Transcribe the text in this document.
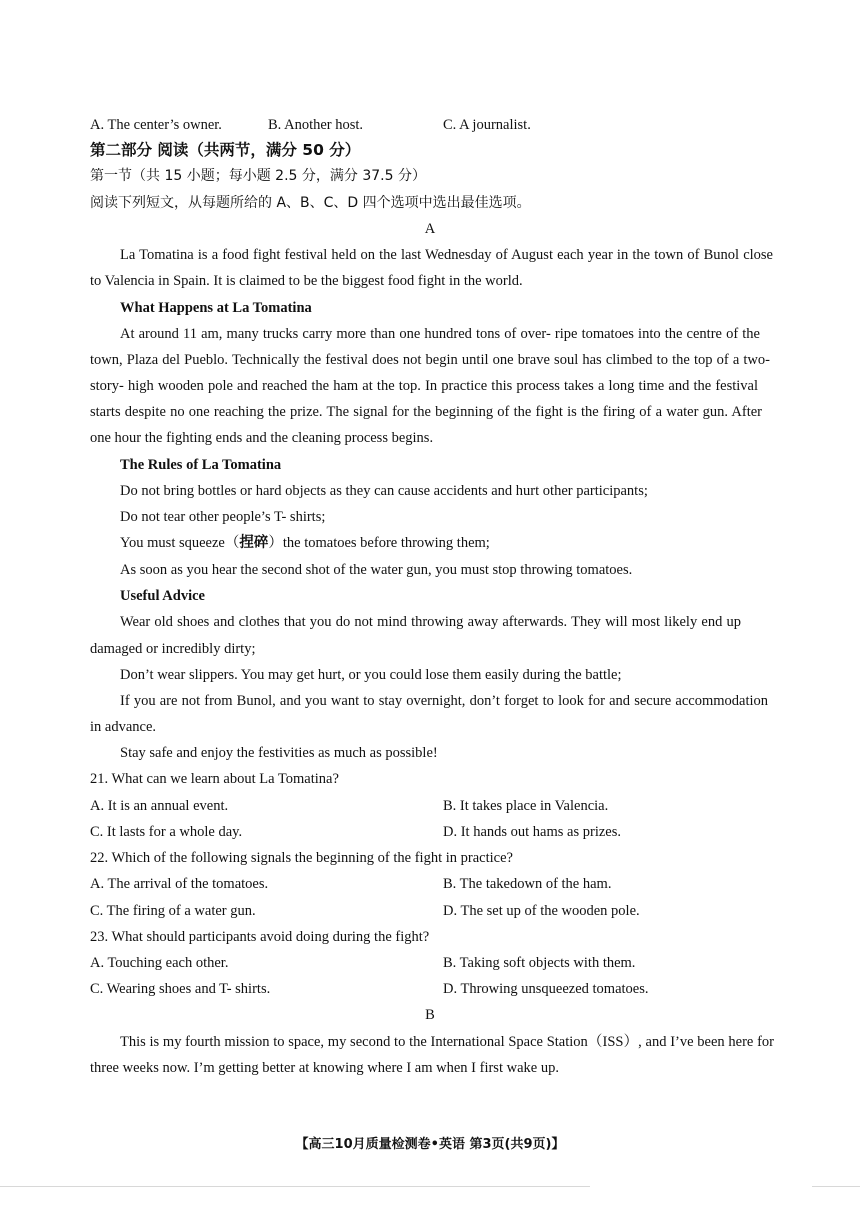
A. The center’s owner.	B. Another host.	C. A journalist.
第二部分 阅读（共两节，满分 50 分）
第一节（共 15 小题；每小题 2.5 分，满分 37.5 分）
阅读下列短文，从每题所给的 A、B、C、D 四个选项中选出最佳选项。
A
La Tomatina is a food fight festival held on the last Wednesday of August each year in the town of Bunol close
to Valencia in Spain. It is claimed to be the biggest food fight in the world.
What Happens at La Tomatina
At around 11 am, many trucks carry more than one hundred tons of over- ripe tomatoes into the centre of the
town, Plaza del Pueblo. Technically the festival does not begin until one brave soul has climbed to the top of a two-
story- high wooden pole and reached the ham at the top. In practice this process takes a long time and the festival
starts despite no one reaching the prize. The signal for the beginning of the fight is the firing of a water gun. After
one hour the fighting ends and the cleaning process begins.
The Rules of La Tomatina
Do not bring bottles or hard objects as they can cause accidents and hurt other participants;
Do not tear other people’s T- shirts;
You must squeeze（捏碎）the tomatoes before throwing them;
As soon as you hear the second shot of the water gun, you must stop throwing tomatoes.
Useful Advice
Wear old shoes and clothes that you do not mind throwing away afterwards. They will most likely end up
damaged or incredibly dirty;
Don’t wear slippers. You may get hurt, or you could lose them easily during the battle;
If you are not from Bunol, and you want to stay overnight, don’t forget to look for and secure accommodation
in advance.
Stay safe and enjoy the festivities as much as possible!
21. What can we learn about La Tomatina?
A. It is an annual event.	B. It takes place in Valencia.
C. It lasts for a whole day.	D. It hands out hams as prizes.
22. Which of the following signals the beginning of the fight in practice?
A. The arrival of the tomatoes.	B. The takedown of the ham.
C. The firing of a water gun.	D. The set up of the wooden pole.
23. What should participants avoid doing during the fight?
A. Touching each other.	B. Taking soft objects with them.
C. Wearing shoes and T- shirts.	D. Throwing unsqueezed tomatoes.
B
This is my fourth mission to space, my second to the International Space Station（ISS）, and I’ve been here for
three weeks now. I’m getting better at knowing where I am when I first wake up.
【高三10月质量检测卷•英语 第3页(共9页)】
